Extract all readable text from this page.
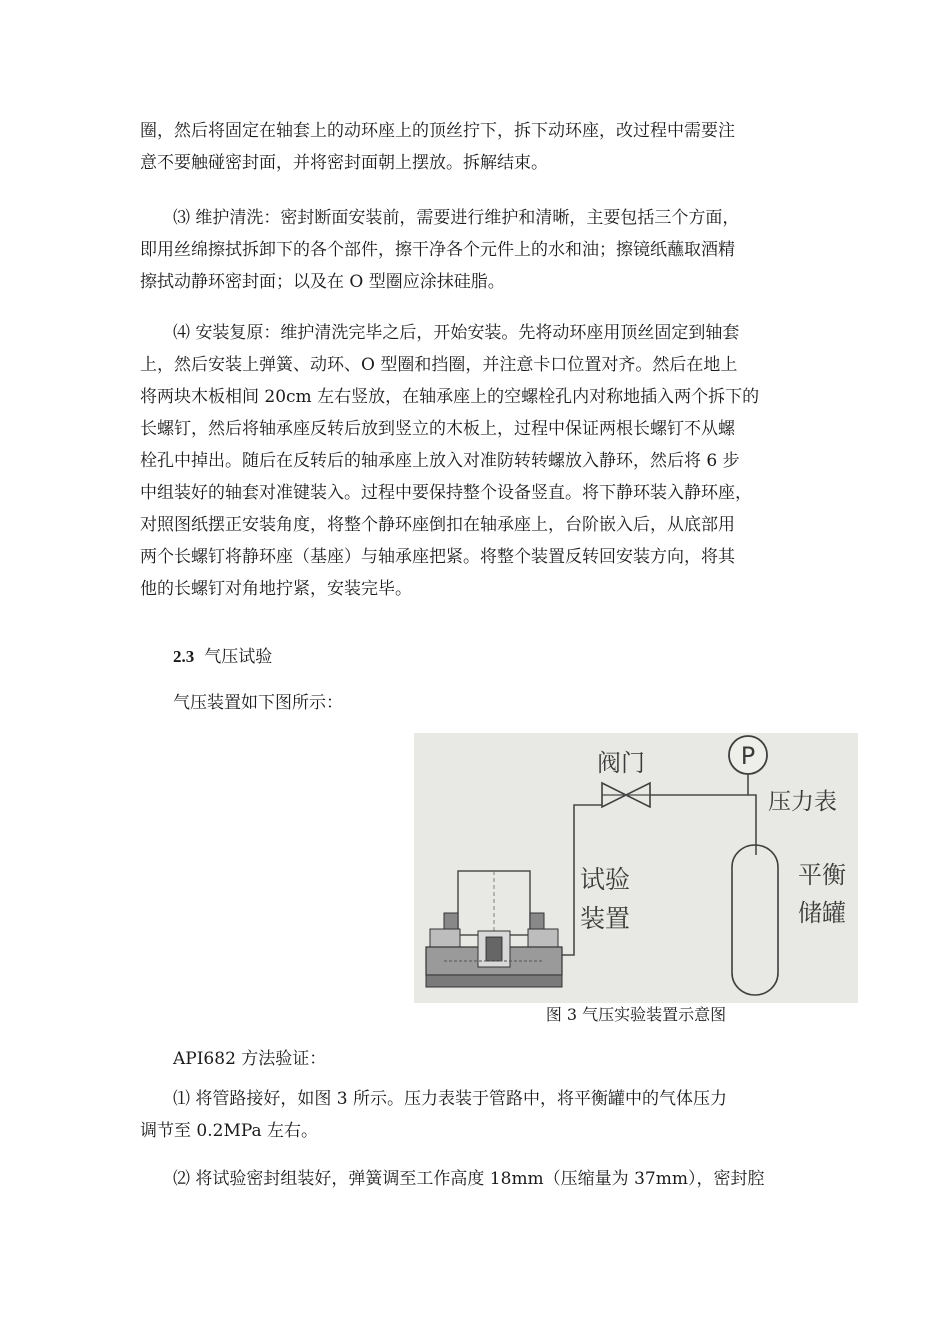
圈，然后将固定在轴套上的动环座上的顶丝拧下，拆下动环座，改过程中需要注
意不要触碰密封面，并将密封面朝上摆放。拆解结束。
⑶ 维护清洗：密封断面安装前，需要进行维护和清晰，主要包括三个方面，
即用丝绵擦拭拆卸下的各个部件，擦干净各个元件上的水和油；擦镜纸蘸取酒精
擦拭动静环密封面；以及在 O 型圈应涂抹硅脂。
⑷ 安装复原：维护清洗完毕之后，开始安装。先将动环座用顶丝固定到轴套
上，然后安装上弹簧、动环、O 型圈和挡圈，并注意卡口位置对齐。然后在地上
将两块木板相间 20cm 左右竖放，在轴承座上的空螺栓孔内对称地插入两个拆下的
长螺钉，然后将轴承座反转后放到竖立的木板上，过程中保证两根长螺钉不从螺
栓孔中掉出。随后在反转后的轴承座上放入对准防转转螺放入静环，然后将 6 步
中组装好的轴套对准键装入。过程中要保持整个设备竖直。将下静环装入静环座，
对照图纸摆正安装角度，将整个静环座倒扣在轴承座上，台阶嵌入后，从底部用
两个长螺钉将静环座（基座）与轴承座把紧。将整个装置反转回安装方向，将其
他的长螺钉对角地拧紧，安装完毕。
2.3 气压试验

气压装置如下图所示：

P
阀门
压力表
试验
装置
平衡
储罐
图 3 气压实验装置示意图

API682 方法验证：

⑴ 将管路接好，如图 3 所示。压力表装于管路中，将平衡罐中的气体压力
调节至 0.2MPa 左右。
⑵ 将试验密封组装好，弹簧调至工作高度 18mm（压缩量为 37mm），密封腔
